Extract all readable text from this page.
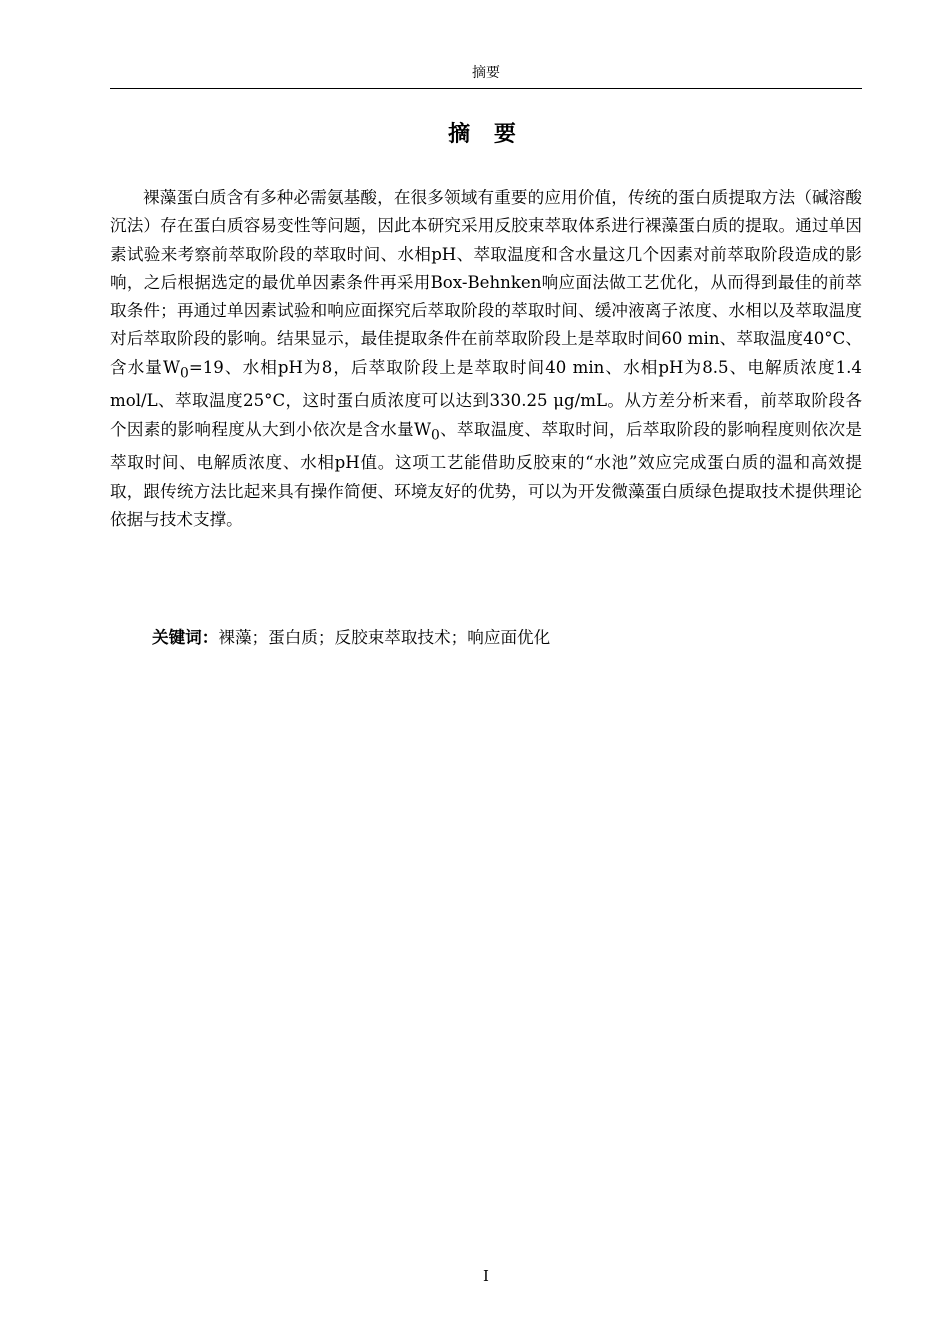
摘要
摘 要

裸藻蛋白质含有多种必需氨基酸，在很多领域有重要的应用价值，传统的蛋白质提取方法（碱溶酸沉法）存在蛋白质容易变性等问题，因此本研究采用反胶束萃取体系进行裸藻蛋白质的提取。通过单因素试验来考察前萃取阶段的萃取时间、水相pH、萃取温度和含水量这几个因素对前萃取阶段造成的影响，之后根据选定的最优单因素条件再采用Box-Behnken响应面法做工艺优化，从而得到最佳的前萃取条件；再通过单因素试验和响应面探究后萃取阶段的萃取时间、缓冲液离子浓度、水相以及萃取温度对后萃取阶段的影响。结果显示，最佳提取条件在前萃取阶段上是萃取时间60 min、萃取温度40°C、含水量$W_0=19$、水相pH为8，后萃取阶段上是萃取时间40 min、水相pH为8.5、电解质浓度1.4 mol/L、萃取温度25°C，这时蛋白质浓度可以达到330.25 μg/mL。从方差分析来看，前萃取阶段各个因素的影响程度从大到小依次是含水量$W_0$、萃取温度、萃取时间，后萃取阶段的影响程度则依次是萃取时间、电解质浓度、水相pH值。这项工艺能借助反胶束的“水池”效应完成蛋白质的温和高效提取，跟传统方法比起来具有操作简便、环境友好的优势，可以为开发微藻蛋白质绿色提取技术提供理论依据与技术支撑。

关键词：裸藻；蛋白质；反胶束萃取技术；响应面优化

I
